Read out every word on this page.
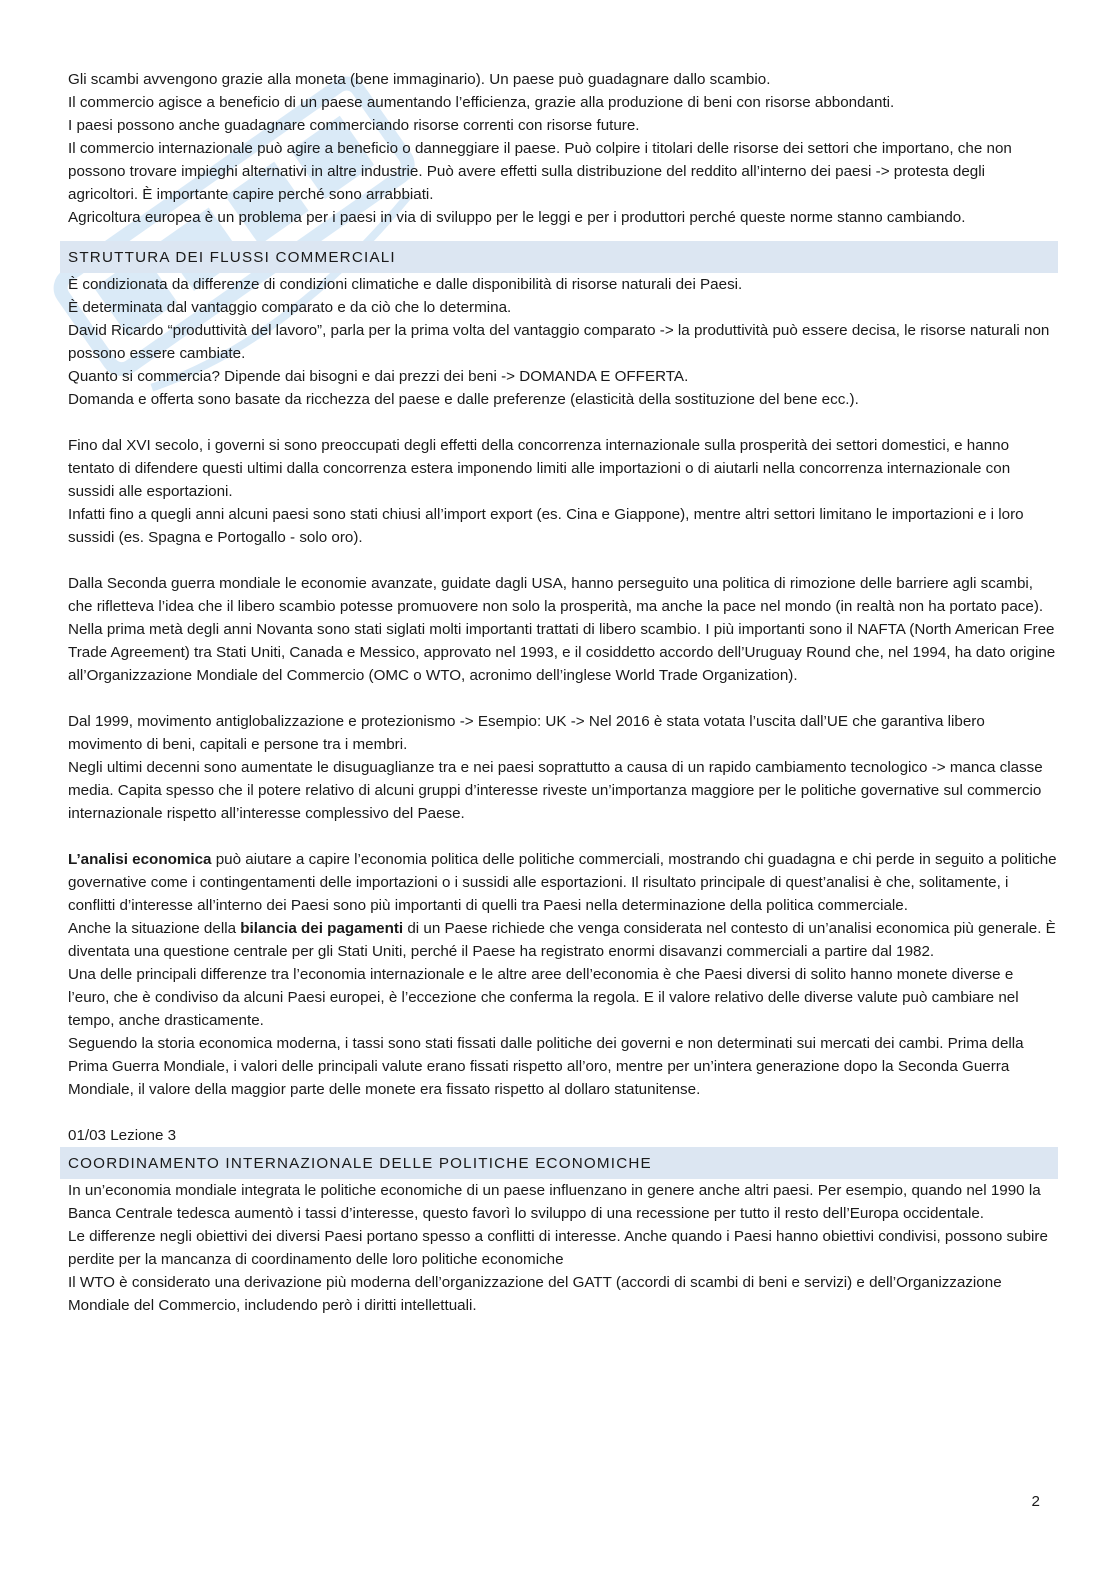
Gli scambi avvengono grazie alla moneta (bene immaginario). Un paese può guadagnare dallo scambio.

Il commercio agisce a beneficio di un paese aumentando l’efficienza, grazie alla produzione di beni con risorse abbondanti.

I paesi possono anche guadagnare commerciando risorse correnti con risorse future.

Il commercio internazionale può agire a beneficio o danneggiare il paese. Può colpire i titolari delle risorse dei settori che importano, che non possono trovare impieghi alternativi in altre industrie. Può avere effetti sulla distribuzione del reddito all’interno dei paesi -> protesta degli agricoltori. È importante capire perché sono arrabbiati.

Agricoltura europea è un problema per i paesi in via di sviluppo per le leggi e per i produttori perché queste norme stanno cambiando.

STRUTTURA DEI FLUSSI COMMERCIALI

È condizionata da differenze di condizioni climatiche e dalle disponibilità di risorse naturali dei Paesi.

È determinata dal vantaggio comparato e da ciò che lo determina.

David Ricardo “produttività del lavoro”, parla per la prima volta del vantaggio comparato -> la produttività può essere decisa, le risorse naturali non possono essere cambiate.

Quanto si commercia? Dipende dai bisogni e dai prezzi dei beni -> DOMANDA E OFFERTA.

Domanda e offerta sono basate da ricchezza del paese e dalle preferenze (elasticità della sostituzione del bene ecc.).

Fino dal XVI secolo, i governi si sono preoccupati degli effetti della concorrenza internazionale sulla prosperità dei settori domestici, e hanno tentato di difendere questi ultimi dalla concorrenza estera imponendo limiti alle importazioni o di aiutarli nella concorrenza internazionale con sussidi alle esportazioni.

Infatti fino a quegli anni alcuni paesi sono stati chiusi all’import export (es. Cina e Giappone), mentre altri settori limitano le importazioni e i loro sussidi (es. Spagna e Portogallo - solo oro).

Dalla Seconda guerra mondiale le economie avanzate, guidate dagli USA, hanno perseguito una politica di rimozione delle barriere agli scambi, che rifletteva l’idea che il libero scambio potesse promuovere non solo la prosperità, ma anche la pace nel mondo (in realtà non ha portato pace). Nella prima metà degli anni Novanta sono stati siglati molti importanti trattati di libero scambio. I più importanti sono il NAFTA (North American Free Trade Agreement) tra Stati Uniti, Canada e Messico, approvato nel 1993, e il cosiddetto accordo dell’Uruguay Round che, nel 1994, ha dato origine all’Organizzazione Mondiale del Commercio (OMC o WTO, acronimo dell’inglese World Trade Organization).

Dal 1999, movimento antiglobalizzazione e protezionismo -> Esempio: UK -> Nel 2016 è stata votata l’uscita dall’UE che garantiva libero movimento di beni, capitali e persone tra i membri.

Negli ultimi decenni sono aumentate le disuguaglianze tra e nei paesi soprattutto a causa di un rapido cambiamento tecnologico -> manca classe media. Capita spesso che il potere relativo di alcuni gruppi d’interesse riveste un’importanza maggiore per le politiche governative sul commercio internazionale rispetto all’interesse complessivo del Paese.

L’analisi economica può aiutare a capire l’economia politica delle politiche commerciali, mostrando chi guadagna e chi perde in seguito a politiche governative come i contingentamenti delle importazioni o i sussidi alle esportazioni. Il risultato principale di quest’analisi è che, solitamente, i conflitti d’interesse all’interno dei Paesi sono più importanti di quelli tra Paesi nella determinazione della politica commerciale.

Anche la situazione della bilancia dei pagamenti di un Paese richiede che venga considerata nel contesto di un’analisi economica più generale. È diventata una questione centrale per gli Stati Uniti, perché il Paese ha registrato enormi disavanzi commerciali a partire dal 1982.

Una delle principali differenze tra l’economia internazionale e le altre aree dell’economia è che Paesi diversi di solito hanno monete diverse e l’euro, che è condiviso da alcuni Paesi europei, è l’eccezione che conferma la regola. E il valore relativo delle diverse valute può cambiare nel tempo, anche drasticamente.

Seguendo la storia economica moderna, i tassi sono stati fissati dalle politiche dei governi e non determinati sui mercati dei cambi. Prima della Prima Guerra Mondiale, i valori delle principali valute erano fissati rispetto all’oro, mentre per un’intera generazione dopo la Seconda Guerra Mondiale, il valore della maggior parte delle monete era fissato rispetto al dollaro statunitense.

01/03 Lezione 3

COORDINAMENTO INTERNAZIONALE DELLE POLITICHE ECONOMICHE

In un’economia mondiale integrata le politiche economiche di un paese influenzano in genere anche altri paesi. Per esempio, quando nel 1990 la Banca Centrale tedesca aumentò i tassi d’interesse, questo favorì lo sviluppo di una recessione per tutto il resto dell’Europa occidentale.

Le differenze negli obiettivi dei diversi Paesi portano spesso a conflitti di interesse. Anche quando i Paesi hanno obiettivi condivisi, possono subire perdite per la mancanza di coordinamento delle loro politiche economiche

Il WTO è considerato una derivazione più moderna dell’organizzazione del GATT (accordi di scambi di beni e servizi) e dell’Organizzazione Mondiale del Commercio, includendo però i diritti intellettuali.

2
